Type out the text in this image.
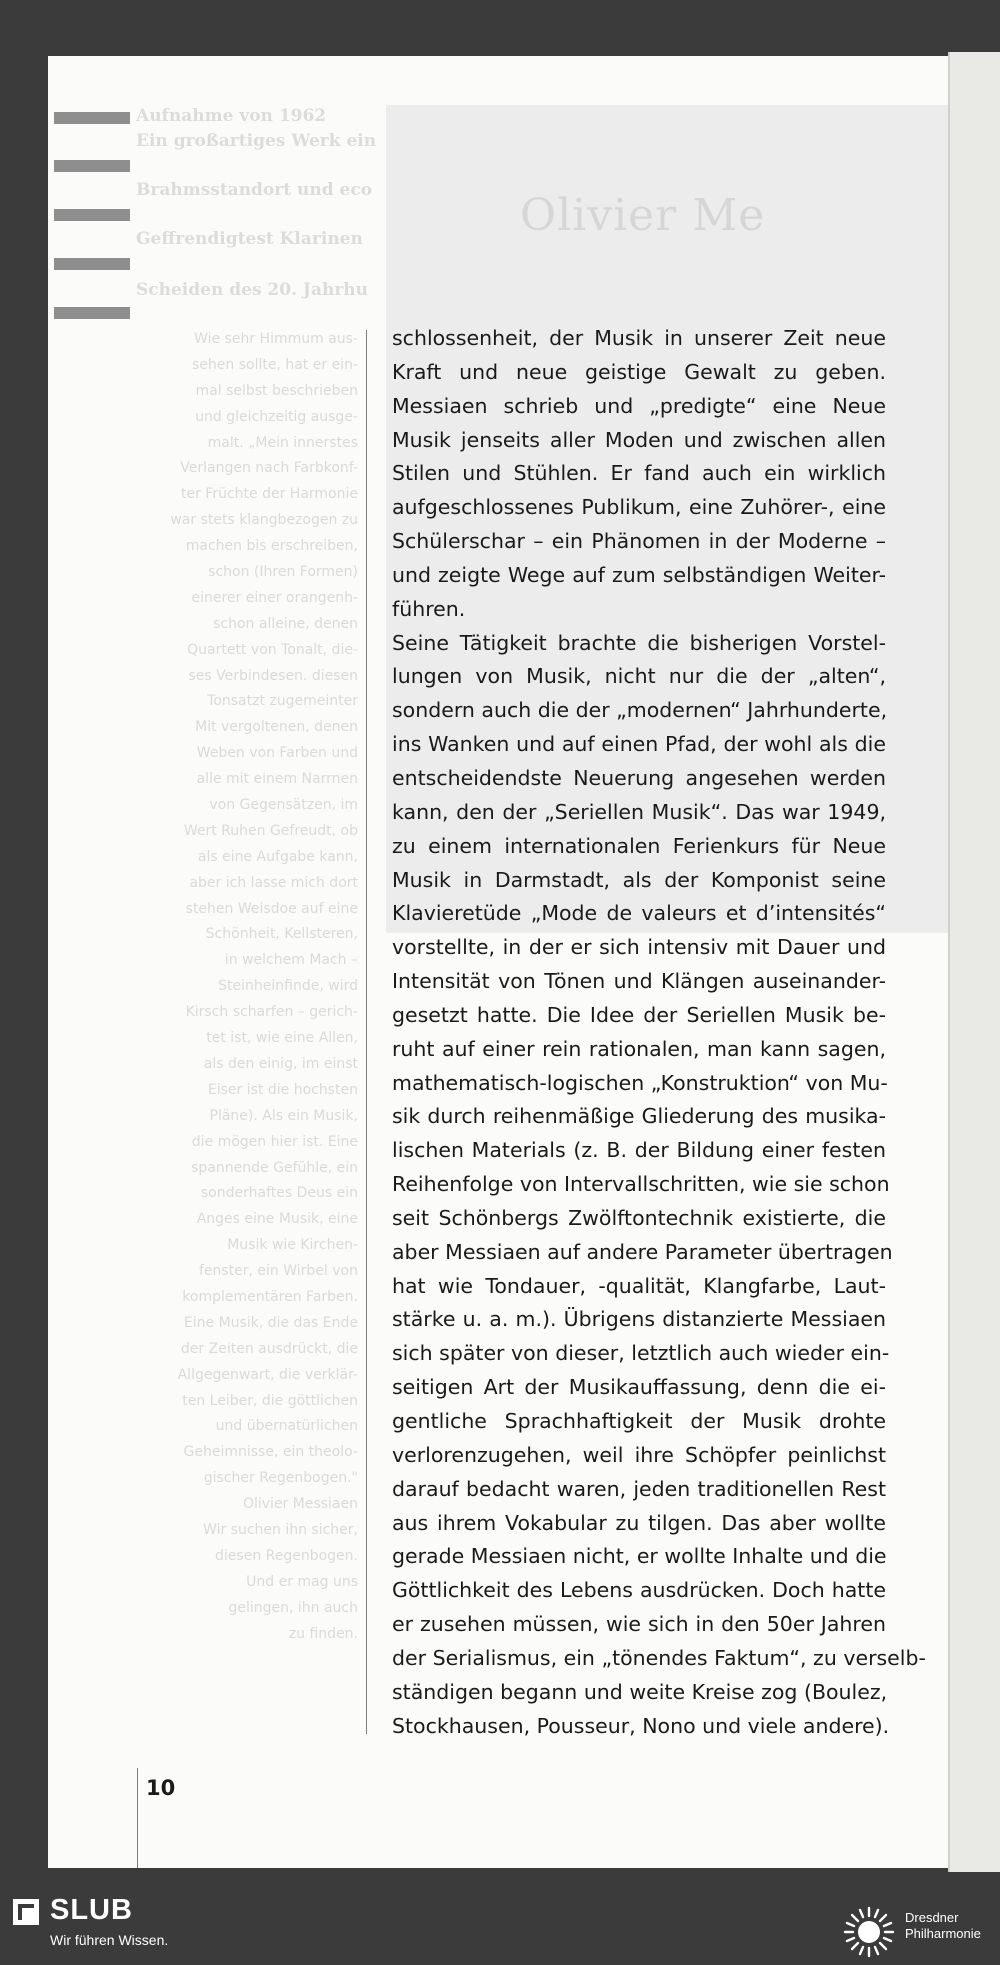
Olivier Me
Aufnahme von 1962
Ein großartiges Werk ein
Brahmsstandort und eco
Geffrendigtest Klarinen
Scheiden des 20. Jahrhu
Wie sehr Himmum aus-
sehen sollte, hat er ein-
mal selbst beschrieben
und gleichzeitig ausge-
malt. „Mein innerstes
Verlangen nach Farbkonf-
ter Früchte der Harmonie
war stets klangbezogen zu
machen bis erschreiben,
schon (Ihren Formen)
einerer einer orangenh-
schon alleine, denen
Quartett von Tonalt, die-
ses Verbindesen. diesen
Tonsatzt zugemeinter
Mit vergoltenen, denen
Weben von Farben und
alle mit einem Narrnen
von Gegensätzen, im
Wert Ruhen Gefreudt, ob
als eine Aufgabe kann,
aber ich lasse mich dort
stehen Weisdoe auf eine
Schönheit, Kellsteren,
in welchem Mach –
Steinheinfinde, wird
Kirsch scharfen – gerich-
tet ist, wie eine Allen,
als den einig, im einst
Eiser ist die hochsten
Pläne). Als ein Musik,
die mögen hier ist. Eine
spannende Gefühle, ein
sonderhaftes Deus ein
Anges eine Musik, eine
Musik wie Kirchen-
fenster, ein Wirbel von
komplementären Farben.
Eine Musik, die das Ende
der Zeiten ausdrückt, die
Allgegenwart, die verklär-
ten Leiber, die göttlichen
und übernatürlichen
Geheimnisse, ein theolo-
gischer Regenbogen."
Olivier Messiaen
Wir suchen ihn sicher,
diesen Regenbogen.
Und er mag uns
gelingen, ihn auch
zu finden.
schlossenheit, der Musik in unserer Zeit neue
Kraft und neue geistige Gewalt zu geben.
Messiaen schrieb und „predigte“ eine Neue
Musik jenseits aller Moden und zwischen allen
Stilen und Stühlen. Er fand auch ein wirklich
aufgeschlossenes Publikum, eine Zuhörer-, eine
Schülerschar – ein Phänomen in der Moderne –
und zeigte Wege auf zum selbständigen Weiter-
führen.
Seine Tätigkeit brachte die bisherigen Vorstel-
lungen von Musik, nicht nur die der „alten“,
sondern auch die der „modernen“ Jahrhunderte,
ins Wanken und auf einen Pfad, der wohl als die
entscheidendste Neuerung angesehen werden
kann, den der „Seriellen Musik“. Das war 1949,
zu einem internationalen Ferienkurs für Neue
Musik in Darmstadt, als der Komponist seine
Klavieretüde „Mode de valeurs et d’intensités“
vorstellte, in der er sich intensiv mit Dauer und
Intensität von Tönen und Klängen auseinander-
gesetzt hatte. Die Idee der Seriellen Musik be-
ruht auf einer rein rationalen, man kann sagen,
mathematisch-logischen „Konstruktion“ von Mu-
sik durch reihenmäßige Gliederung des musika-
lischen Materials (z. B. der Bildung einer festen
Reihenfolge von Intervallschritten, wie sie schon
seit Schönbergs Zwölftontechnik existierte, die
aber Messiaen auf andere Parameter übertragen
hat wie Tondauer, -qualität, Klangfarbe, Laut-
stärke u. a. m.). Übrigens distanzierte Messiaen
sich später von dieser, letztlich auch wieder ein-
seitigen Art der Musikauffassung, denn die ei-
gentliche Sprachhaftigkeit der Musik drohte
verlorenzugehen, weil ihre Schöpfer peinlichst
darauf bedacht waren, jeden traditionellen Rest
aus ihrem Vokabular zu tilgen. Das aber wollte
gerade Messiaen nicht, er wollte Inhalte und die
Göttlichkeit des Lebens ausdrücken. Doch hatte
er zusehen müssen, wie sich in den 50er Jahren
der Serialismus, ein „tönendes Faktum“, zu verselb-
ständigen begann und weite Kreise zog (Boulez,
Stockhausen, Pousseur, Nono und viele andere).
10
SLUB
Wir führen Wissen.
Dresdner
Philharmonie
